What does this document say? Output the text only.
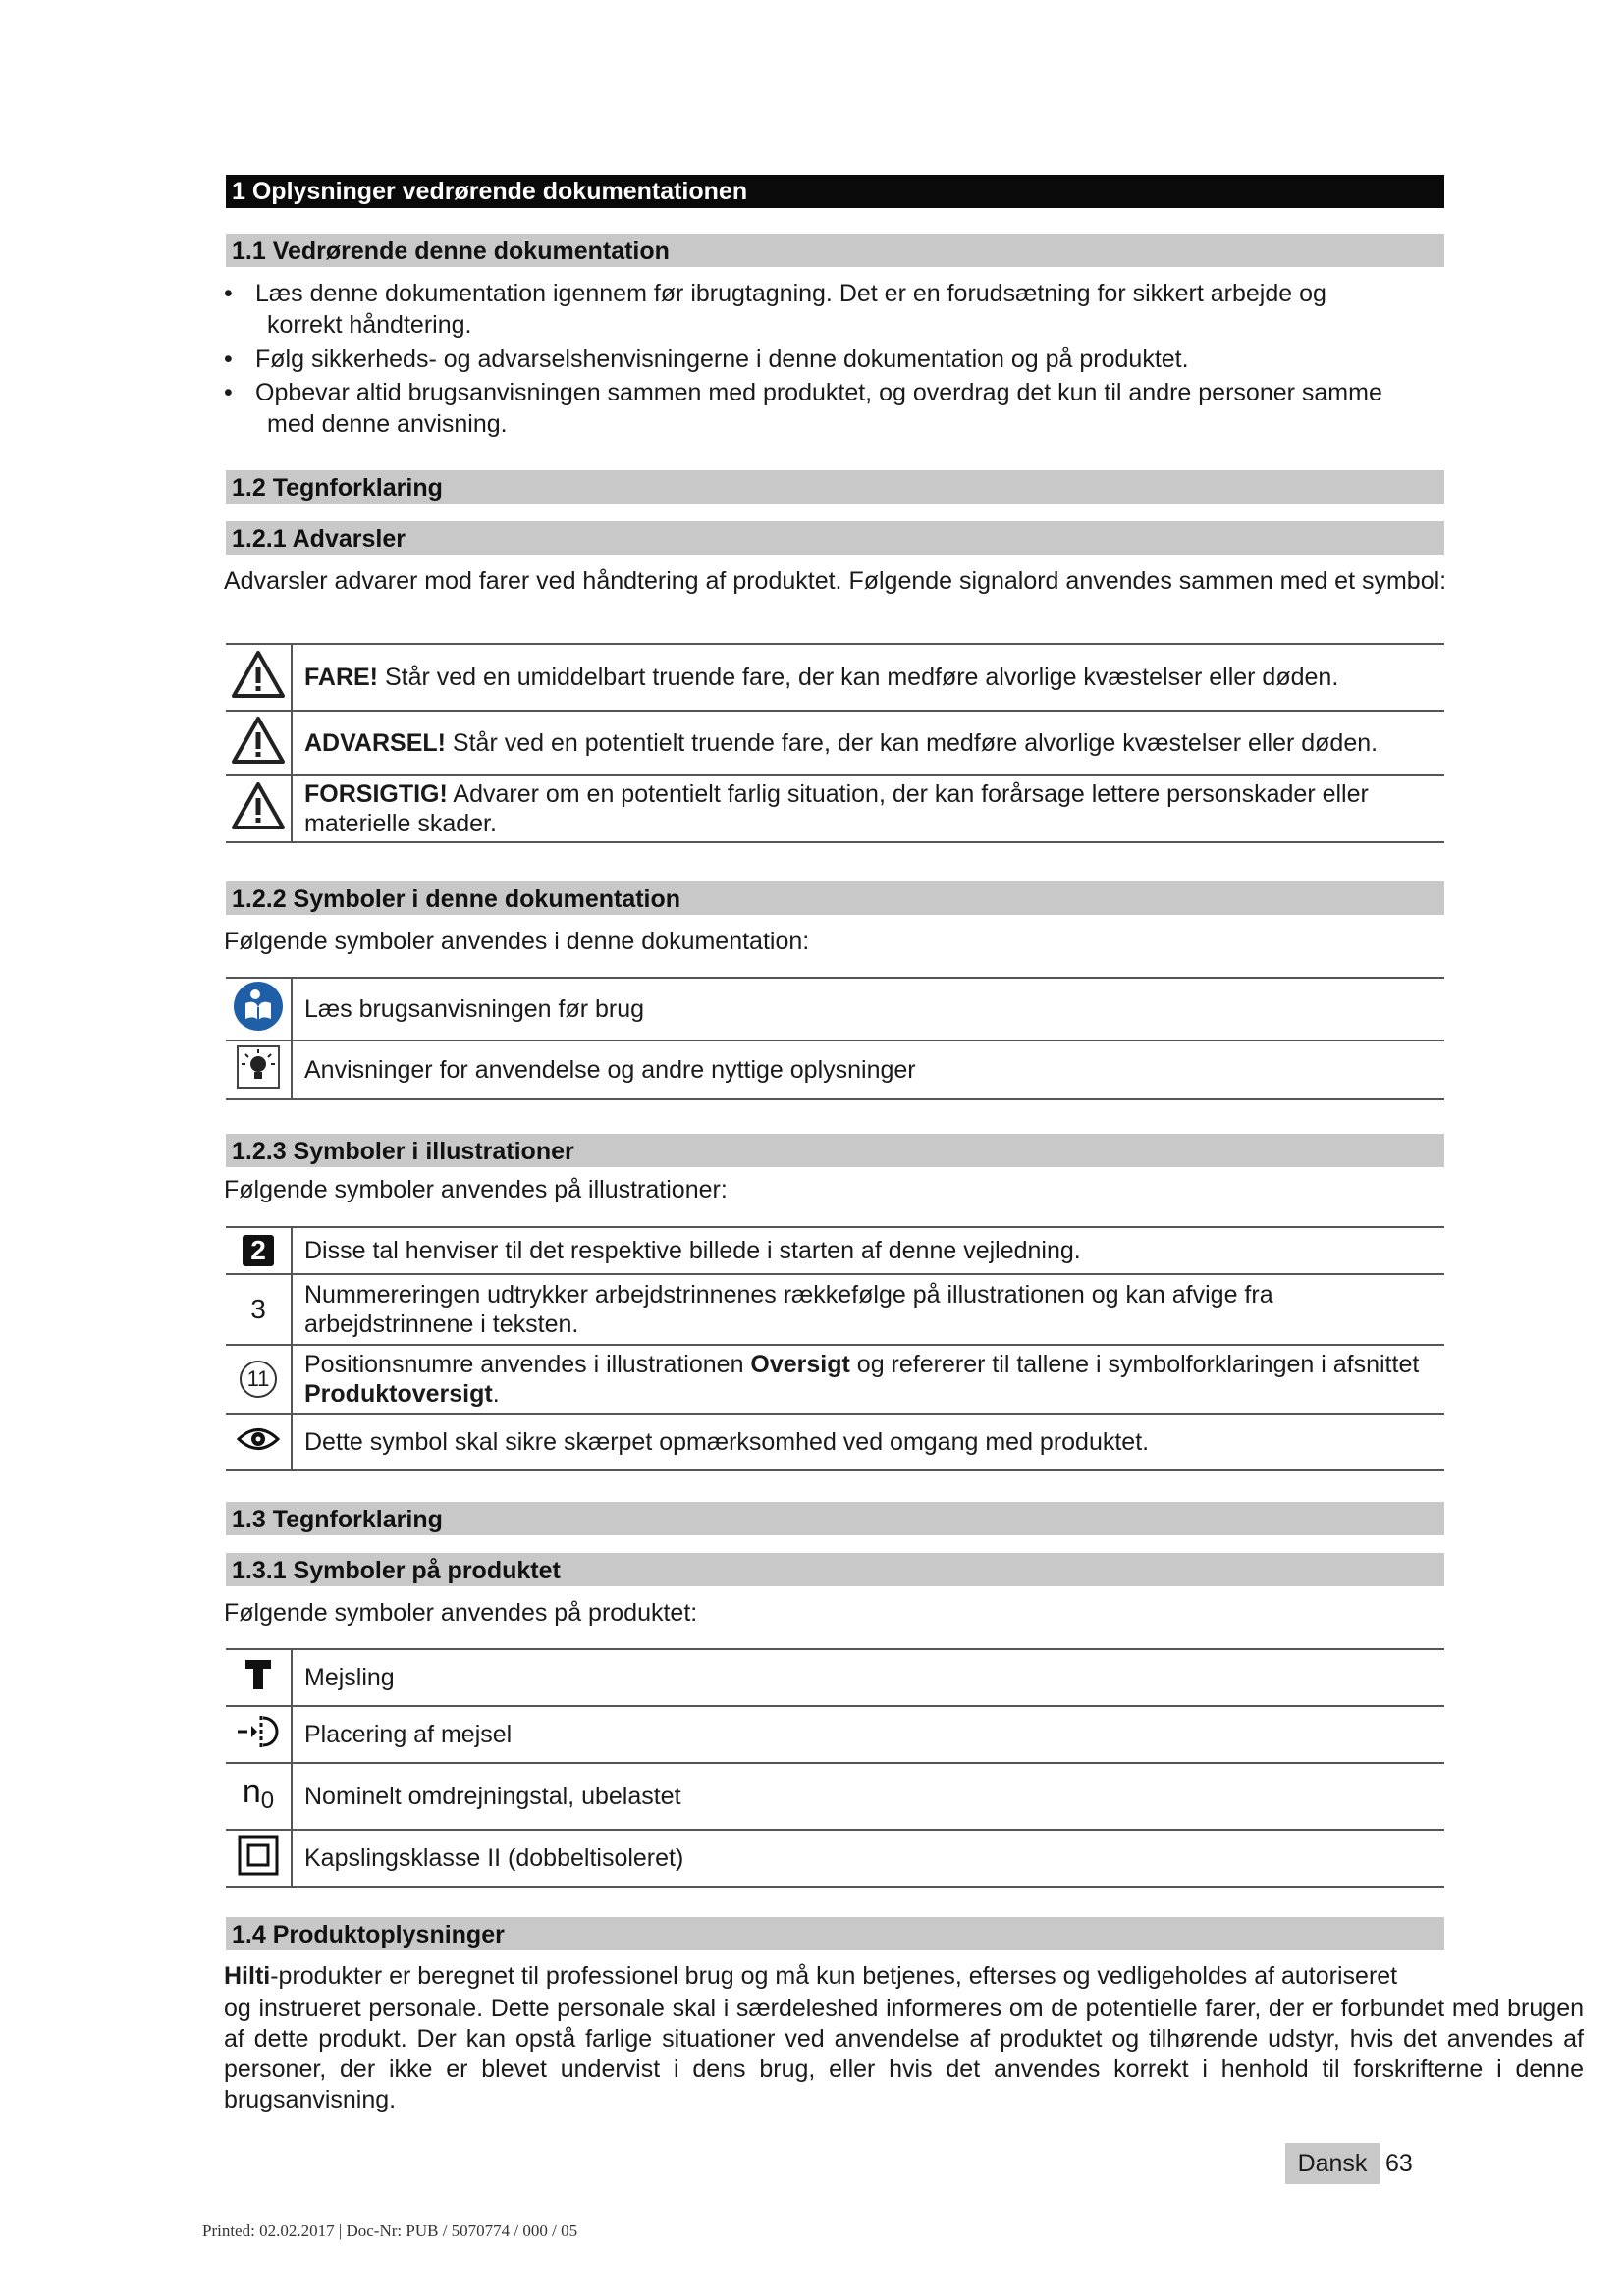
1 Oplysninger vedrørende dokumentationen
1.1 Vedrørende denne dokumentation
• Læs denne dokumentation igennem før ibrugtagning. Det er en forudsætning for sikkert arbejde og
korrekt håndtering.
• Følg sikkerheds- og advarselshenvisningerne i denne dokumentation og på produktet.
• Opbevar altid brugsanvisningen sammen med produktet, og overdrag det kun til andre personer samme
med denne anvisning.
1.2 Tegnforklaring
1.2.1 Advarsler

Advarsler advarer mod farer ved håndtering af produktet. Følgende signalord anvendes sammen med et symbol:

	FARE! Står ved en umiddelbart truende fare, der kan medføre alvorlige kvæstelser eller døden.
	ADVARSEL! Står ved en potentielt truende fare, der kan medføre alvorlige kvæstelser eller døden.
	FORSIGTIG! Advarer om en potentielt farlig situation, der kan forårsage lettere personskader eller materielle skader.
1.2.2 Symboler i denne dokumentation

Følgende symboler anvendes i denne dokumentation:

	Læs brugsanvisningen før brug
	Anvisninger for anvendelse og andre nyttige oplysninger
1.2.3 Symboler i illustrationer

Følgende symboler anvendes på illustrationer:

2	Disse tal henviser til det respektive billede i starten af denne vejledning.
3	Nummereringen udtrykker arbejdstrinnenes rækkefølge på illustrationen og kan afvige fra arbejdstrinnene i teksten.
11	Positionsnumre anvendes i illustrationen Oversigt og refererer til tallene i symbolforklaringen i afsnittet Produktoversigt.
	Dette symbol skal sikre skærpet opmærksomhed ved omgang med produktet.
1.3 Tegnforklaring
1.3.1 Symboler på produktet

Følgende symboler anvendes på produktet:

	Mejsling
	Placering af mejsel
$n_0$	Nominelt omdrejningstal, ubelastet
	Kapslingsklasse II (dobbeltisoleret)
1.4 Produktoplysninger

Hilti-produkter er beregnet til professionel brug og må kun betjenes, efterses og vedligeholdes af autoriseret

og instrueret personale. Dette personale skal i særdeleshed informeres om de potentielle farer, der er forbundet med brugen af dette produkt. Der kan opstå farlige situationer ved anvendelse af produktet og tilhørende udstyr, hvis det anvendes af personer, der ikke er blevet undervist i dens brug, eller hvis det anvendes korrekt i henhold til forskrifterne i denne brugsanvisning.

Dansk 63
Printed: 02.02.2017 | Doc-Nr: PUB / 5070774 / 000 / 05
